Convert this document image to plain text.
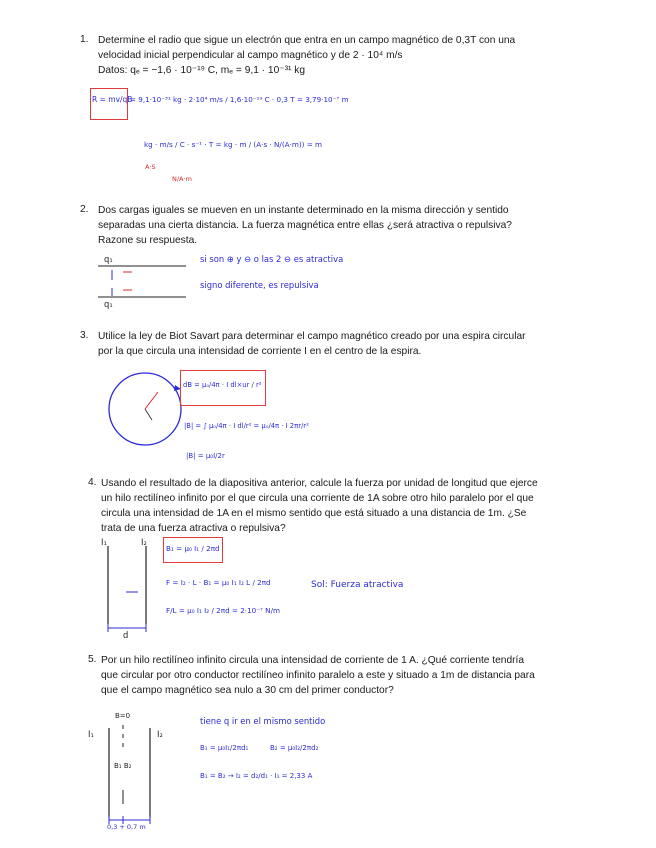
1. Determine el radio que sigue un electrón que entra en un campo magnético de 0,3T con una
velocidad inicial perpendicular al campo magnético y de 2 · 10⁴ m/s
Datos: qₑ = −1,6 · 10⁻¹⁹ C, mₑ = 9,1 · 10⁻³¹ kg
R = mv/qB
= 9,1·10⁻³¹ kg · 2·10⁴ m/s / 1,6·10⁻¹⁹ C · 0,3 T = 3,79·10⁻⁷ m
kg · m/s / C · s⁻¹ · T = kg · m / (A·s · N/(A·m)) = m
A·S
N/A·m
2. Dos cargas iguales se mueven en un instante determinado en la misma dirección y sentido
separadas una cierta distancia. La fuerza magnética entre ellas ¿será atractiva o repulsiva?
Razone su respuesta.
q₁
q₁
si son ⊕ y ⊖ o las 2 ⊖ es atractiva
signo diferente, es repulsiva
3. Utilice la ley de Biot Savart para determinar el campo magnético creado por una espira circular
por la que circula una intensidad de corriente I en el centro de la espira.
dB = μ₀/4π · I dl×ur / r²
|B| = ∫ μ₀/4π · I dl/r² = μ₀/4π · I 2πr/r²
|B| = μ₀I/2r
4. Usando el resultado de la diapositiva anterior, calcule la fuerza por unidad de longitud que ejerce
un hilo rectilíneo infinito por el que circula una corriente de 1A sobre otro hilo paralelo por el que
circula una intensidad de 1A en el mismo sentido que está situado a una distancia de 1m. ¿Se
trata de una fuerza atractiva o repulsiva?
I₁	I₂
d
B₁ = μ₀ I₁ / 2πd
F = I₂ · L · B₁ = μ₀ I₁ I₂ L / 2πd
F/L = μ₀ I₁ I₂ / 2πd = 2·10⁻⁷ N/m
Sol: Fuerza atractiva
5. Por un hilo rectilíneo infinito circula una intensidad de corriente de 1 A. ¿Qué corriente tendría
que circular por otro conductor rectilíneo infinito paralelo a este y situado a 1m de distancia para
que el campo magnético sea nulo a 30 cm del primer conductor?
I₁	I₂
B=0
B₁ B₂
0,3 + 0,7 m
tiene q ir en el mismo sentido
B₁ = μ₀I₁/2πd₁	B₂ = μ₀I₂/2πd₂
B₁ = B₂ → I₂ = d₂/d₁ · I₁ = 2,33 A
